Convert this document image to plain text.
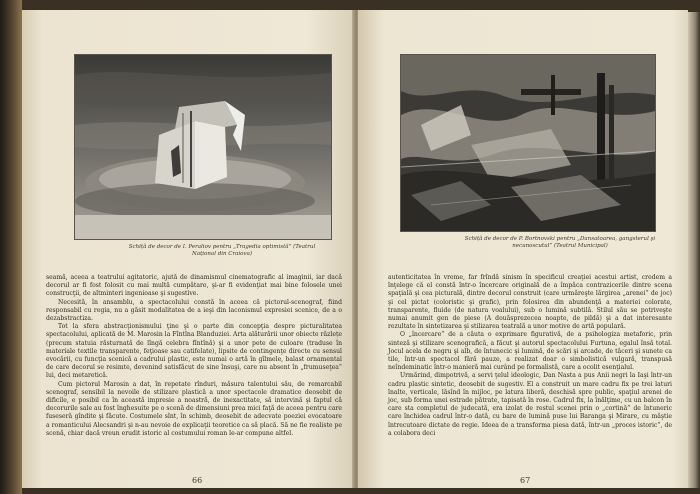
Schiță de decor de I. Peraliov pentru „Tragedia optimistă” (Teatrul Național din Craiova)

seamă, aceea a teatrului agitatoric, ajută de dinamismul cinematografic al imaginii, iar dacă decorul ar fi fost folosit cu mai multă cumpătare, şi-ar fi evidenţiat mai bine folosele unei construcţii, de altminteri ingenioase şi sugestive.

Necesită, în ansamblu, a spectacolului constă în aceea că pictorul-scenograf, fiind responsabil cu regia, nu a găsit modalitatea de a ieşi din laconismul expresiei scenice, de a o dezabstractiza.

Tot la sfera abstracţionismului ţine şi o parte din concepţia despre picturalitatea spectacolului, aplicată de M. Marosin la Fîntîna Blanduziei. Arta alăturării unor obiecte răzlețe (precum statuia răsturnată de lîngă celebra fîntînă) şi a unor pete de culoare (traduse în materiale textile transparente, feţioase sau catifelate), lipsite de contingenţe directe cu sensul evocării, cu funcţia scenică a cadrului plastic, este numai o artă în gîlmele, balast ornamental de care decorul se resimte, devenind satisfăcut de sine însuşi, care nu absent în „frumuseţea” lui, deci metaretică.

Cum pictorul Marosin a dat, în repetate rînduri, măsura talentului său, de remarcabil scenograf, sensibil la nevoile de stilizare plastică a unor spectacole dramatice deosebit de dificile, e posibil ca în această impresie a noastră, de inexactitate, să intervină şi faptul că decorurile sale au fost înghesuite pe o scenă de dimensiuni prea mici faţă de aceea pentru care fuseseră gîndite şi făcute. Costumele sînt, în schimb, deosebit de adecvate poeziei evocatoare a romanticului Alecsandri şi n-au nevoie de explicaţii teoretice ca să placă. Să ne fie realiste pe scenă, chiar dacă vreun erudit istoric al costumului roman le-ar compune altfel.

66
Schiță de decor de P. Bortnovski pentru „Dansatoarea, gangsterul şi necunoscutul” (Teatrul Municipal)

autenticitatea în vreme, far frîndă sinism în specificul creaţiei acestui artist, credem a înţelege că el constă într-o încercare originală de a împăca contrazicerile dintre scena spaţială şi cea picturală, dintre decorul construit (care urmăreşte lărgirea „arenei” de joc) şi cel pictat (coloristic şi grafic), prin folosirea din abundenţă a materiei colorate, transparente, fluide (de natura voalului), sub o lumină subtilă. Stilul său se potriveşte numai anumit gen de piese (A douăsprezecea noapte, de pildă) şi a dat interesante rezultate în sintetizarea şi stilizarea teatrală a unor motive de artă populară.

O „încercare” de a căuta o exprimare figurativă, de a psihologiza metaforic, prin sinteză şi stilizare scenografică, a făcut şi autorul spectacolului Furtuna, egalul însă total. Jocul acela de negru şi alb, de întunecic şi lumină, de scări şi arcade, de tăceri şi sunete ca tile, într-un spectacol fără pauze, a realizat doar o simbolistică vulgară, transpusă neîndeminatic într-o manieră mai curând pe formalistă, care a ocolit esenţialul.

Urmărind, dimpotrivă, a servi ţelul ideologic, Dan Nasta a pus Anii negri la Iaşi într-un cadru plastic sintetic, deosebit de sugestiv. El a construit un mare cadru fix pe trei laturi înalte, verticale, lăsînd în mijloc, pe latura liberă, deschisă spre public, spaţiul arenei de joc, sub forma unei estrade pătrate, tapisată în rose. Cadrul fix, la înălţime, cu un balcon în care sta completul de judecată, era izolat de restul scenei prin o „cortină” de întuneric care închidea cadrul într-o dată, cu bare de lumină puse lui Baranga şi Mirare, cu măştie întrecutoare dictate de regie. Ideea de a transforma piesa dată, într-un „proces istoric”, de a colabora deci

67
